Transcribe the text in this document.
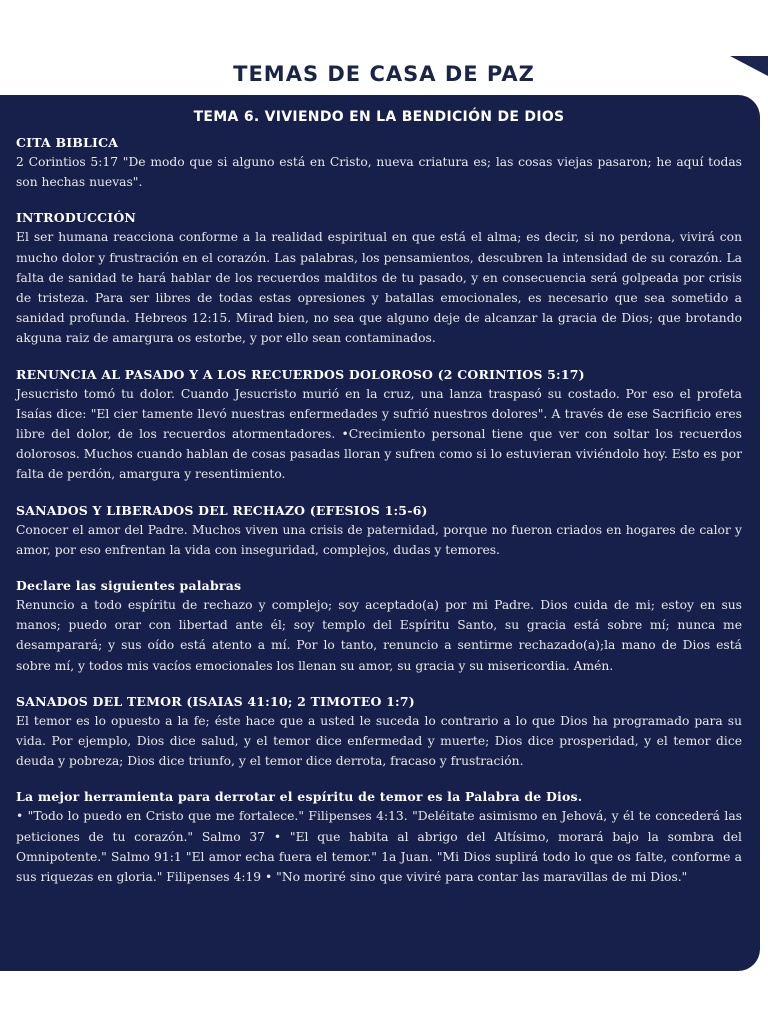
TEMAS DE CASA DE PAZ
TEMA 6. VIVIENDO EN LA BENDICIÓN DE DIOS

CITA BIBLICA

2 Corintios 5:17 "De modo que si alguno está en Cristo, nueva criatura es; las cosas viejas pasaron; he aquí todas son hechas nuevas".

INTRODUCCIÓN

El ser humana reacciona conforme a la realidad espiritual en que está el alma; es decir, si no perdona, vivirá con mucho dolor y frustración en el corazón. Las palabras, los pensamientos, descubren la intensidad de su corazón. La falta de sanidad te hará hablar de los recuerdos malditos de tu pasado, y en consecuencia será golpeada por crisis de tristeza. Para ser libres de todas estas opresiones y batallas emocionales, es necesario que sea sometido a sanidad profunda. Hebreos 12:15. Mirad bien, no sea que alguno deje de alcanzar la gracia de Dios; que brotando akguna raiz de amargura os estorbe, y por ello sean contaminados.

RENUNCIA AL PASADO Y A LOS RECUERDOS DOLOROSO (2 CORINTIOS 5:17)

Jesucristo tomó tu dolor. Cuando Jesucristo murió en la cruz, una lanza traspasó su costado. Por eso el profeta Isaías dice: "El cier tamente llevó nuestras enfermedades y sufrió nuestros dolores". A través de ese Sacrificio eres libre del dolor, de los recuerdos atormentadores. •Crecimiento personal tiene que ver con soltar los recuerdos dolorosos. Muchos cuando hablan de cosas pasadas lloran y sufren como si lo estuvieran viviéndolo hoy. Esto es por falta de perdón, amargura y resentimiento.

SANADOS Y LIBERADOS DEL RECHAZO (EFESIOS 1:5-6)

Conocer el amor del Padre. Muchos viven una crisis de paternidad, porque no fueron criados en hogares de calor y amor, por eso enfrentan la vida con inseguridad, complejos, dudas y temores.

Declare las siguientes palabras

Renuncio a todo espíritu de rechazo y complejo; soy aceptado(a) por mi Padre. Dios cuida de mi; estoy en sus manos; puedo orar con libertad ante él; soy templo del Espíritu Santo, su gracia está sobre mí; nunca me desamparará; y sus oído está atento a mí. Por lo tanto, renuncio a sentirme rechazado(a);la mano de Dios está sobre mí, y todos mis vacíos emocionales los llenan su amor, su gracia y su misericordia. Amén.

SANADOS DEL TEMOR (ISAIAS 41:10; 2 TIMOTEO 1:7)

El temor es lo opuesto a la fe; éste hace que a usted le suceda lo contrario a lo que Dios ha programado para su vida. Por ejemplo, Dios dice salud, y el temor dice enfermedad y muerte; Dios dice prosperidad, y el temor dice deuda y pobreza; Dios dice triunfo, y el temor dice derrota, fracaso y frustración.

La mejor herramienta para derrotar el espíritu de temor es la Palabra de Dios.

• "Todo lo puedo en Cristo que me fortalece." Filipenses 4:13. "Deléitate asimismo en Jehová, y él te concederá las peticiones de tu corazón." Salmo 37 • "El que habita al abrigo del Altísimo, morará bajo la sombra del Omnipotente." Salmo 91:1 "El amor echa fuera el temor." 1a Juan. "Mi Dios suplirá todo lo que os falte, conforme a sus riquezas en gloria." Filipenses 4:19 • "No moriré sino que viviré para contar las maravillas de mi Dios."
